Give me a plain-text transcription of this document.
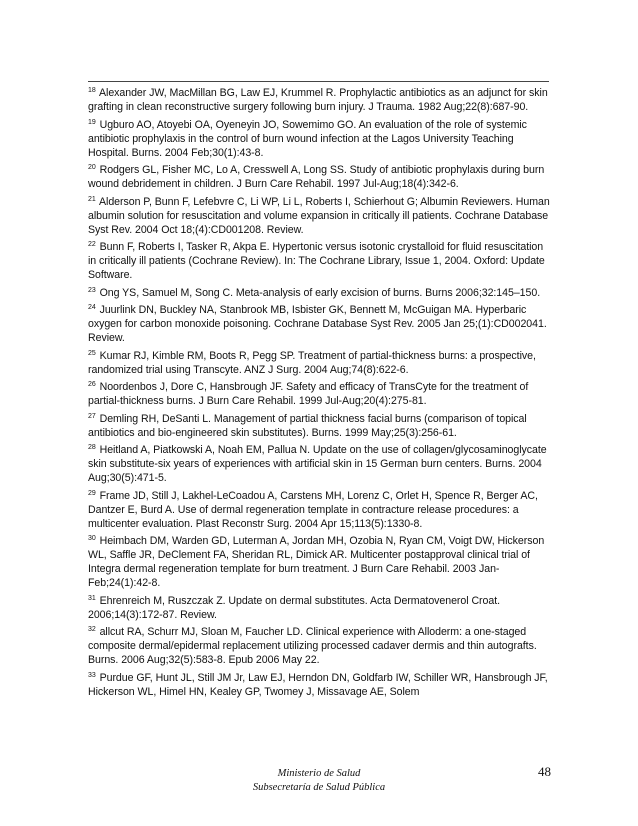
$^{18}$ Alexander JW, MacMillan BG, Law EJ, Krummel R. Prophylactic antibiotics as an adjunct for skin grafting in clean reconstructive surgery following burn injury. J Trauma. 1982 Aug;22(8):687-90.

$^{19}$ Ugburo AO, Atoyebi OA, Oyeneyin JO, Sowemimo GO. An evaluation of the role of systemic antibiotic prophylaxis in the control of burn wound infection at the Lagos University Teaching Hospital. Burns. 2004 Feb;30(1):43-8.

$^{20}$ Rodgers GL, Fisher MC, Lo A, Cresswell A, Long SS. Study of antibiotic prophylaxis during burn wound debridement in children. J Burn Care Rehabil. 1997 Jul-Aug;18(4):342-6.

$^{21}$ Alderson P, Bunn F, Lefebvre C, Li WP, Li L, Roberts I, Schierhout G; Albumin Reviewers. Human albumin solution for resuscitation and volume expansion in critically ill patients. Cochrane Database Syst Rev. 2004 Oct 18;(4):CD001208. Review.

$^{22}$ Bunn F, Roberts I, Tasker R, Akpa E. Hypertonic versus isotonic crystalloid for fluid resuscitation in critically ill patients (Cochrane Review). In: The Cochrane Library, Issue 1, 2004. Oxford: Update Software.

$^{23}$ Ong YS, Samuel M, Song C. Meta-analysis of early excision of burns. Burns 2006;32:145–150.

$^{24}$ Juurlink DN, Buckley NA, Stanbrook MB, Isbister GK, Bennett M, McGuigan MA. Hyperbaric oxygen for carbon monoxide poisoning. Cochrane Database Syst Rev. 2005 Jan 25;(1):CD002041. Review.

$^{25}$ Kumar RJ, Kimble RM, Boots R, Pegg SP. Treatment of partial-thickness burns: a prospective, randomized trial using Transcyte. ANZ J Surg. 2004 Aug;74(8):622-6.

$^{26}$ Noordenbos J, Dore C, Hansbrough JF. Safety and efficacy of TransCyte for the treatment of partial-thickness burns. J Burn Care Rehabil. 1999 Jul-Aug;20(4):275-81.

$^{27}$ Demling RH, DeSanti L. Management of partial thickness facial burns (comparison of topical antibiotics and bio-engineered skin substitutes). Burns. 1999 May;25(3):256-61.

$^{28}$ Heitland A, Piatkowski A, Noah EM, Pallua N. Update on the use of collagen/glycosaminoglycate skin substitute-six years of experiences with artificial skin in 15 German burn centers. Burns. 2004 Aug;30(5):471-5.

$^{29}$ Frame JD, Still J, Lakhel-LeCoadou A, Carstens MH, Lorenz C, Orlet H, Spence R, Berger AC, Dantzer E, Burd A. Use of dermal regeneration template in contracture release procedures: a multicenter evaluation. Plast Reconstr Surg. 2004 Apr 15;113(5):1330-8.

$^{30}$ Heimbach DM, Warden GD, Luterman A, Jordan MH, Ozobia N, Ryan CM, Voigt DW, Hickerson WL, Saffle JR, DeClement FA, Sheridan RL, Dimick AR. Multicenter postapproval clinical trial of Integra dermal regeneration template for burn treatment. J Burn Care Rehabil. 2003 Jan-Feb;24(1):42-8.

$^{31}$ Ehrenreich M, Ruszczak Z. Update on dermal substitutes. Acta Dermatovenerol Croat. 2006;14(3):172-87. Review.

$^{32}$ allcut RA, Schurr MJ, Sloan M, Faucher LD. Clinical experience with Alloderm: a one-staged composite dermal/epidermal replacement utilizing processed cadaver dermis and thin autografts. Burns. 2006 Aug;32(5):583-8. Epub 2006 May 22.

$^{33}$ Purdue GF, Hunt JL, Still JM Jr, Law EJ, Herndon DN, Goldfarb IW, Schiller WR, Hansbrough JF, Hickerson WL, Himel HN, Kealey GP, Twomey J, Missavage AE, Solem

Ministerio de Salud
Subsecretaría de Salud Pública
48
